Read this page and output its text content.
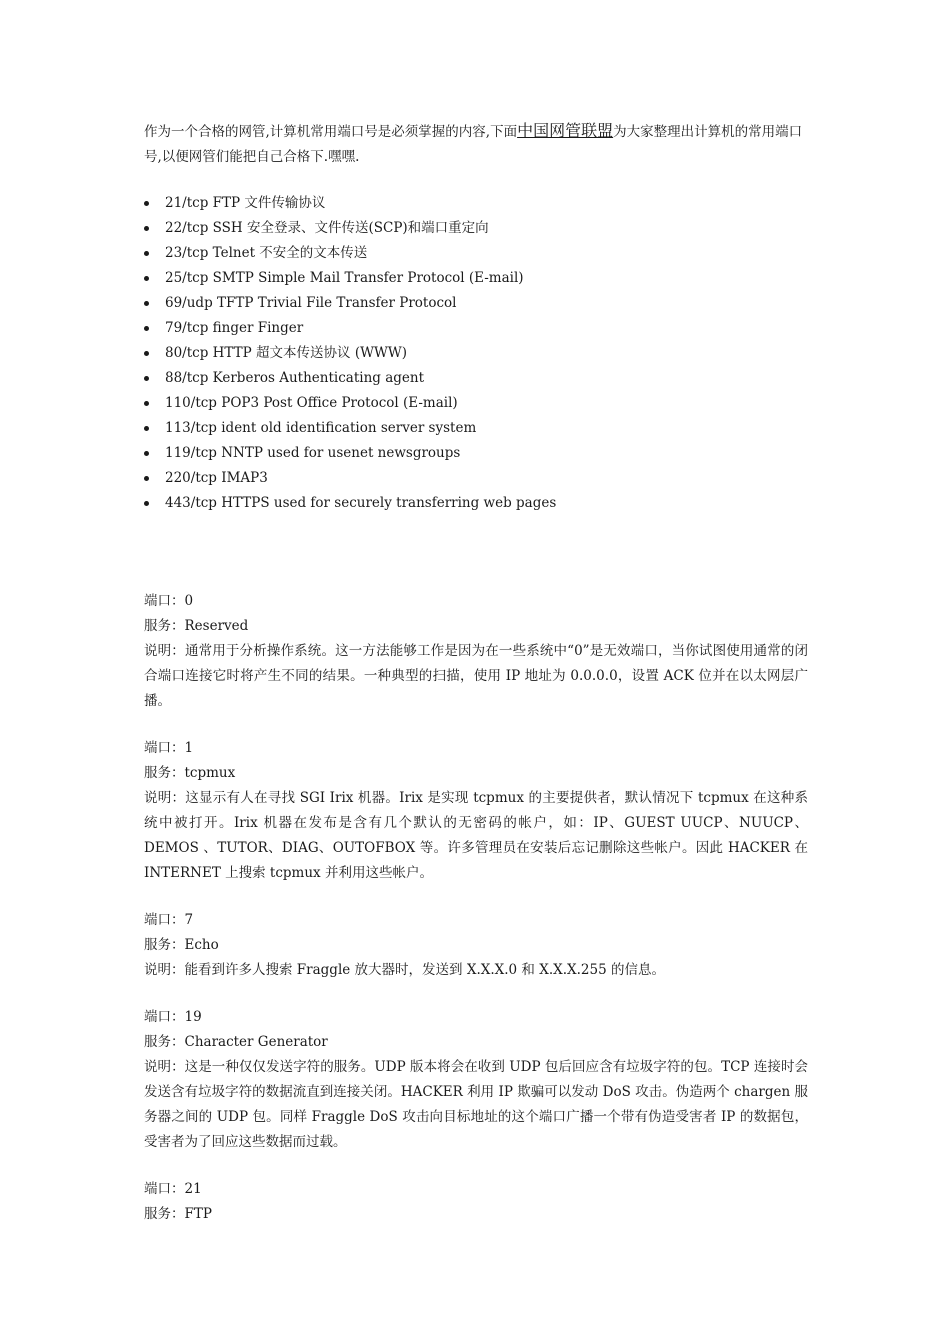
作为一个合格的网管,计算机常用端口号是必须掌握的内容,下面中国网管联盟为大家整理出计算机的常用端口号,以便网管们能把自己合格下.嘿嘿.

21/tcp FTP 文件传输协议
22/tcp SSH 安全登录、文件传送(SCP)和端口重定向
23/tcp Telnet 不安全的文本传送
25/tcp SMTP Simple Mail Transfer Protocol (E-mail)
69/udp TFTP Trivial File Transfer Protocol
79/tcp finger Finger
80/tcp HTTP 超文本传送协议 (WWW)
88/tcp Kerberos Authenticating agent
110/tcp POP3 Post Office Protocol (E-mail)
113/tcp ident old identification server system
119/tcp NNTP used for usenet newsgroups
220/tcp IMAP3
443/tcp HTTPS used for securely transferring web pages

端口：0

服务：Reserved

说明：通常用于分析操作系统。这一方法能够工作是因为在一些系统中“0”是无效端口，当你试图使用通常的闭合端口连接它时将产生不同的结果。一种典型的扫描，使用 IP 地址为 0.0.0.0，设置 ACK 位并在以太网层广播。

端口：1

服务：tcpmux

说明：这显示有人在寻找 SGI Irix 机器。Irix 是实现 tcpmux 的主要提供者，默认情况下 tcpmux 在这种系统中被打开。Irix 机器在发布是含有几个默认的无密码的帐户，如：IP、GUEST UUCP、NUUCP、DEMOS 、TUTOR、DIAG、OUTOFBOX 等。许多管理员在安装后忘记删除这些帐户。因此 HACKER 在 INTERNET 上搜索 tcpmux 并利用这些帐户。

端口：7

服务：Echo

说明：能看到许多人搜索 Fraggle 放大器时，发送到 X.X.X.0 和 X.X.X.255 的信息。

端口：19

服务：Character Generator

说明：这是一种仅仅发送字符的服务。UDP 版本将会在收到 UDP 包后回应含有垃圾字符的包。TCP 连接时会发送含有垃圾字符的数据流直到连接关闭。HACKER 利用 IP 欺骗可以发动 DoS 攻击。伪造两个 chargen 服务器之间的 UDP 包。同样 Fraggle DoS 攻击向目标地址的这个端口广播一个带有伪造受害者 IP 的数据包，受害者为了回应这些数据而过载。

端口：21

服务：FTP
